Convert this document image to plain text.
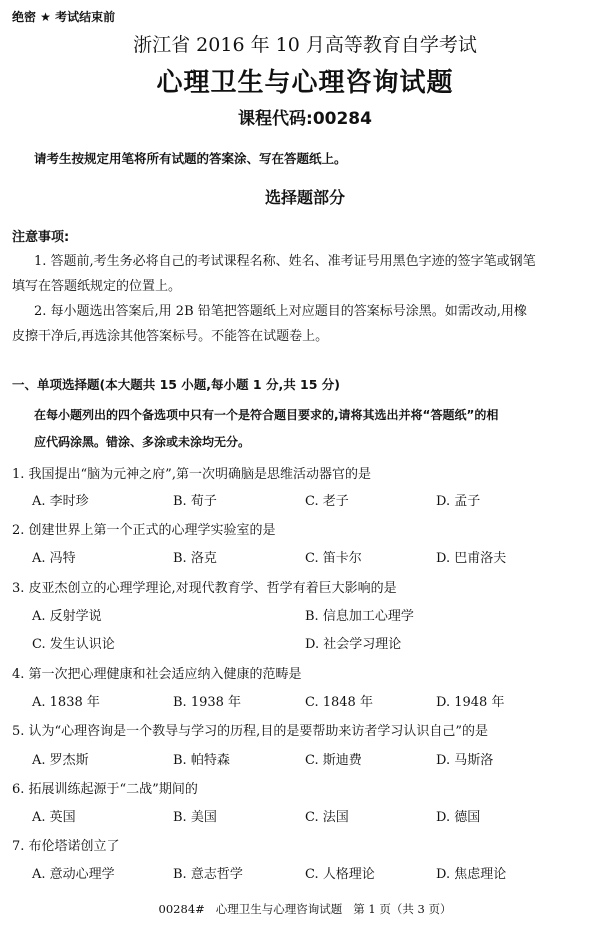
绝密 ★ 考试结束前
浙江省 2016 年 10 月高等教育自学考试
心理卫生与心理咨询试题
课程代码:00284
请考生按规定用笔将所有试题的答案涂、写在答题纸上。
选择题部分
注意事项:
1. 答题前,考生务必将自己的考试课程名称、姓名、准考证号用黑色字迹的签字笔或钢笔
填写在答题纸规定的位置上。
2. 每小题选出答案后,用 2B 铅笔把答题纸上对应题目的答案标号涂黑。如需改动,用橡
皮擦干净后,再选涂其他答案标号。不能答在试题卷上。
一、单项选择题(本大题共 15 小题,每小题 1 分,共 15 分)
在每小题列出的四个备选项中只有一个是符合题目要求的,请将其选出并将“答题纸”的相
应代码涂黑。错涂、多涂或未涂均无分。
1. 我国提出“脑为元神之府”,第一次明确脑是思维活动器官的是
A. 李时珍	B. 荀子	C. 老子	D. 孟子
2. 创建世界上第一个正式的心理学实验室的是
A. 冯特	B. 洛克	C. 笛卡尔	D. 巴甫洛夫
3. 皮亚杰创立的心理学理论,对现代教育学、哲学有着巨大影响的是
A. 反射学说	B. 信息加工心理学
C. 发生认识论	D. 社会学习理论
4. 第一次把心理健康和社会适应纳入健康的范畴是
A. 1838 年	B. 1938 年	C. 1848 年	D. 1948 年
5. 认为“心理咨询是一个教导与学习的历程,目的是要帮助来访者学习认识自己”的是
A. 罗杰斯	B. 帕特森	C. 斯迪费	D. 马斯洛
6. 拓展训练起源于“二战”期间的
A. 英国	B. 美国	C. 法国	D. 德国
7. 布伦塔诺创立了
A. 意动心理学	B. 意志哲学	C. 人格理论	D. 焦虑理论
00284#   心理卫生与心理咨询试题   第 1 页（共 3 页）
